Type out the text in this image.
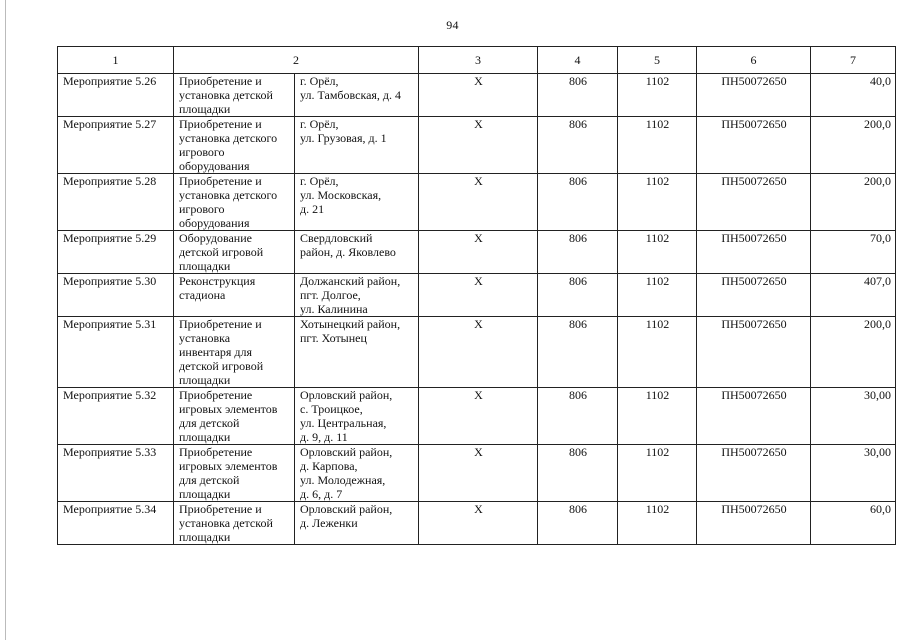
94
1	2		3	4	5	6	7
Мероприятие 5.26	Приобретение и
установка детской
площадки	г. Орёл,
ул. Тамбовская, д. 4	Х	806	1102	ПН50072650	40,0
Мероприятие 5.27	Приобретение и
установка детского
игрового
оборудования	г. Орёл,
ул. Грузовая, д. 1	Х	806	1102	ПН50072650	200,0
Мероприятие 5.28	Приобретение и
установка детского
игрового
оборудования	г. Орёл,
ул. Московская,
д. 21	Х	806	1102	ПН50072650	200,0
Мероприятие 5.29	Оборудование
детской игровой
площадки	Свердловский
район, д. Яковлево	Х	806	1102	ПН50072650	70,0
Мероприятие 5.30	Реконструкция
стадиона	Должанский район,
пгт. Долгое,
ул. Калинина	Х	806	1102	ПН50072650	407,0
Мероприятие 5.31	Приобретение и
установка
инвентаря для
детской игровой
площадки	Хотынецкий район,
пгт. Хотынец	Х	806	1102	ПН50072650	200,0
Мероприятие 5.32	Приобретение
игровых элементов
для детской
площадки	Орловский район,
с. Троицкое,
ул. Центральная,
д. 9, д. 11	Х	806	1102	ПН50072650	30,00
Мероприятие 5.33	Приобретение
игровых элементов
для детской
площадки	Орловский район,
д. Карпова,
ул. Молодежная,
д. 6, д. 7	Х	806	1102	ПН50072650	30,00
Мероприятие 5.34	Приобретение и
установка детской
площадки	Орловский район,
д. Леженки	Х	806	1102	ПН50072650	60,0
